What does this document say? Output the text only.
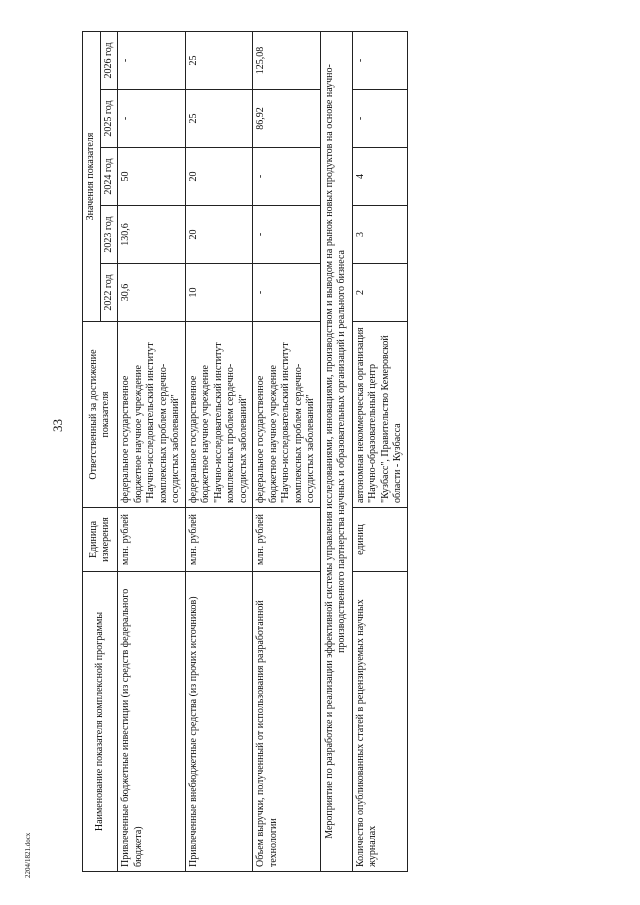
33
Наименование показателя комплексной программы	Единица измерения	Ответственный за достижение показателя	Значения показателя				
			2022 год	2023 год	2024 год	2025 год	2026 год
Привлеченные бюджетные инвестиции (из средств федерального бюджета)	млн. рублей	федеральное государственное бюджетное научное учреждение "Научно-исследовательский институт комплексных проблем сердечно-сосудистых заболеваний"	30,6	130,6	50	-	-
Привлеченные внебюджетные средства (из прочих источников)	млн. рублей	федеральное государственное бюджетное научное учреждение "Научно-исследовательский институт комплексных проблем сердечно-сосудистых заболеваний"	10	20	20	25	25
Объем выручки, полученный от использования разработанной технологии	млн. рублей	федеральное государственное бюджетное научное учреждение "Научно-исследовательский институт комплексных проблем сердечно-сосудистых заболеваний"	-	-	-	86,92	125,08
Мероприятие по разработке и реализации эффективной системы управления исследованиями, инновациями, производством и выводом на рынок новых продуктов на основе научно-производственного партнерства научных и образовательных организаций и реального бизнеса							
Количество опубликованных статей в рецензируемых научных журналах	единиц	автономная некоммерческая организация "Научно-образовательный центр "Кузбасс", Правительство Кемеровской области - Кузбасса	2	3	4	-	-
2204/1821.docx
